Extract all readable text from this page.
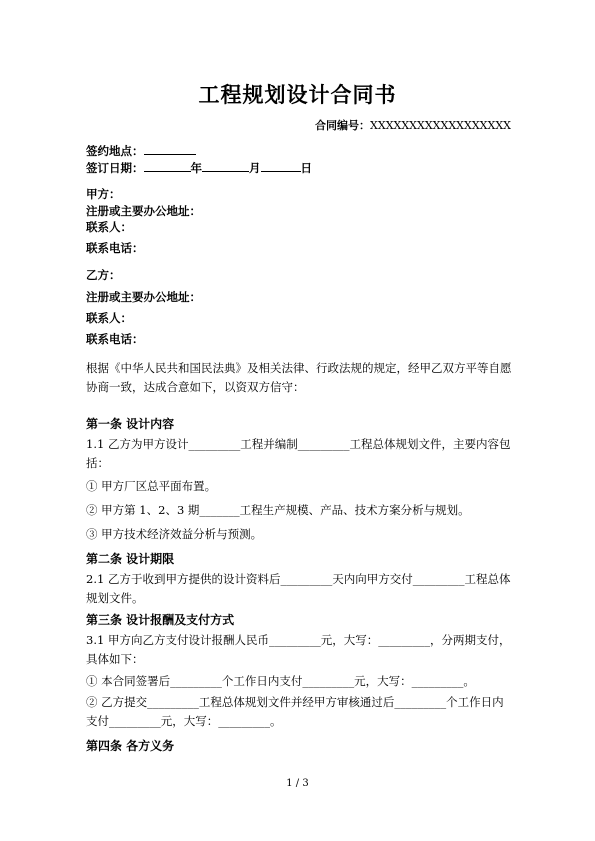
工程规划设计合同书
合同编号：XXXXXXXXXXXXXXXXXX
签约地点：
签订日期：	年	月	日
甲方：
注册或主要办公地址：
联系人：
联系电话：
乙方：
注册或主要办公地址：
联系人：
联系电话：
根据《中华人民共和国民法典》及相关法律、行政法规的规定，经甲乙双方平等自愿协商一致，达成合意如下，以资双方信守：
第一条 设计内容
1.1 乙方为甲方设计_________工程并编制_________工程总体规划文件，主要内容包括：
① 甲方厂区总平面布置。
② 甲方第 1、2、3 期_______工程生产规模、产品、技术方案分析与规划。
③ 甲方技术经济效益分析与预测。
第二条 设计期限
2.1 乙方于收到甲方提供的设计资料后_________天内向甲方交付_________工程总体规划文件。
第三条 设计报酬及支付方式
3.1 甲方向乙方支付设计报酬人民币_________元，大写：_________，分两期支付，具体如下：
① 本合同签署后_________个工作日内支付_________元，大写：_________。
② 乙方提交_________工程总体规划文件并经甲方审核通过后_________个工作日内支付_________元，大写：_________。
第四条 各方义务
1 / 3
